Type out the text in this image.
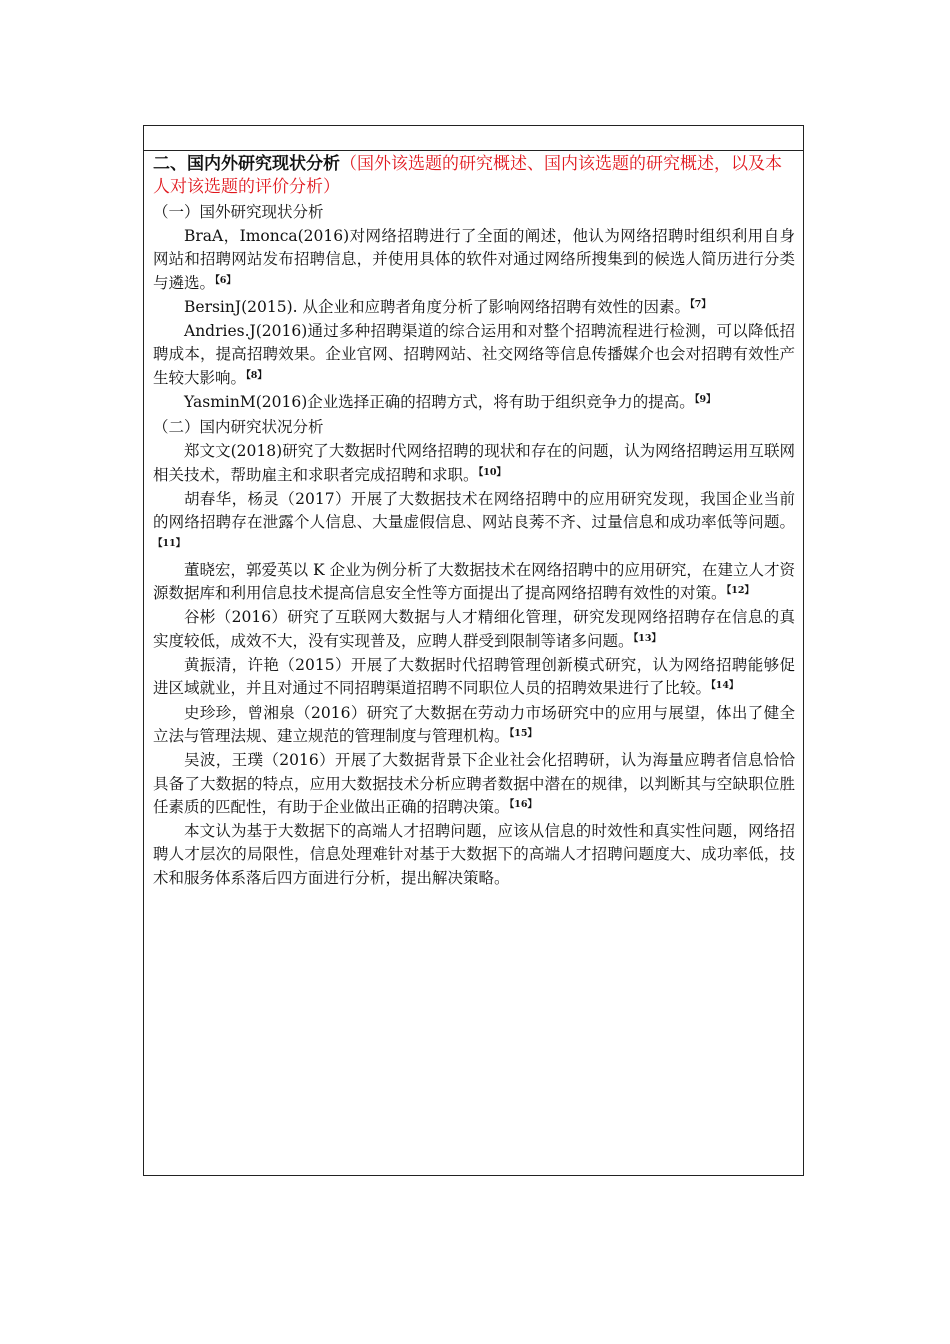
二、国内外研究现状分析（国外该选题的研究概述、国内该选题的研究概述，以及本人对该选题的评价分析）

（一）国外研究现状分析

BraA，Imonca(2016)对网络招聘进行了全面的阐述，他认为网络招聘时组织利用自身网站和招聘网站发布招聘信息，并使用具体的软件对通过网络所搜集到的候选人简历进行分类与遴选。$^{【6】}$

BersinJ(2015). 从企业和应聘者角度分析了影响网络招聘有效性的因素。$^{【7】}$

Andries.J(2016)通过多种招聘渠道的综合运用和对整个招聘流程进行检测，可以降低招聘成本，提高招聘效果。企业官网、招聘网站、社交网络等信息传播媒介也会对招聘有效性产生较大影响。$^{【8】}$

YasminM(2016)企业选择正确的招聘方式，将有助于组织竞争力的提高。$^{【9】}$

（二）国内研究状况分析

郑文文(2018)研究了大数据时代网络招聘的现状和存在的问题，认为网络招聘运用互联网相关技术，帮助雇主和求职者完成招聘和求职。$^{【10】}$

胡春华，杨灵（2017）开展了大数据技术在网络招聘中的应用研究发现，我国企业当前的网络招聘存在泄露个人信息、大量虚假信息、网站良莠不齐、过量信息和成功率低等问题。$^{【11】}$

董晓宏，郭爱英以 K 企业为例分析了大数据技术在网络招聘中的应用研究，在建立人才资源数据库和利用信息技术提高信息安全性等方面提出了提高网络招聘有效性的对策。$^{【12】}$

谷彬（2016）研究了互联网大数据与人才精细化管理，研究发现网络招聘存在信息的真实度较低，成效不大，没有实现普及，应聘人群受到限制等诸多问题。$^{【13】}$

黄振清，许艳（2015）开展了大数据时代招聘管理创新模式研究，认为网络招聘能够促进区域就业，并且对通过不同招聘渠道招聘不同职位人员的招聘效果进行了比较。$^{【14】}$

史珍珍，曾湘泉（2016）研究了大数据在劳动力市场研究中的应用与展望，体出了健全立法与管理法规、建立规范的管理制度与管理机构。$^{【15】}$

吴波，王璞（2016）开展了大数据背景下企业社会化招聘研，认为海量应聘者信息恰恰具备了大数据的特点，应用大数据技术分析应聘者数据中潜在的规律，以判断其与空缺职位胜任素质的匹配性，有助于企业做出正确的招聘决策。$^{【16】}$

本文认为基于大数据下的高端人才招聘问题，应该从信息的时效性和真实性问题，网络招聘人才层次的局限性，信息处理难针对基于大数据下的高端人才招聘问题度大、成功率低，技术和服务体系落后四方面进行分析，提出解决策略。
